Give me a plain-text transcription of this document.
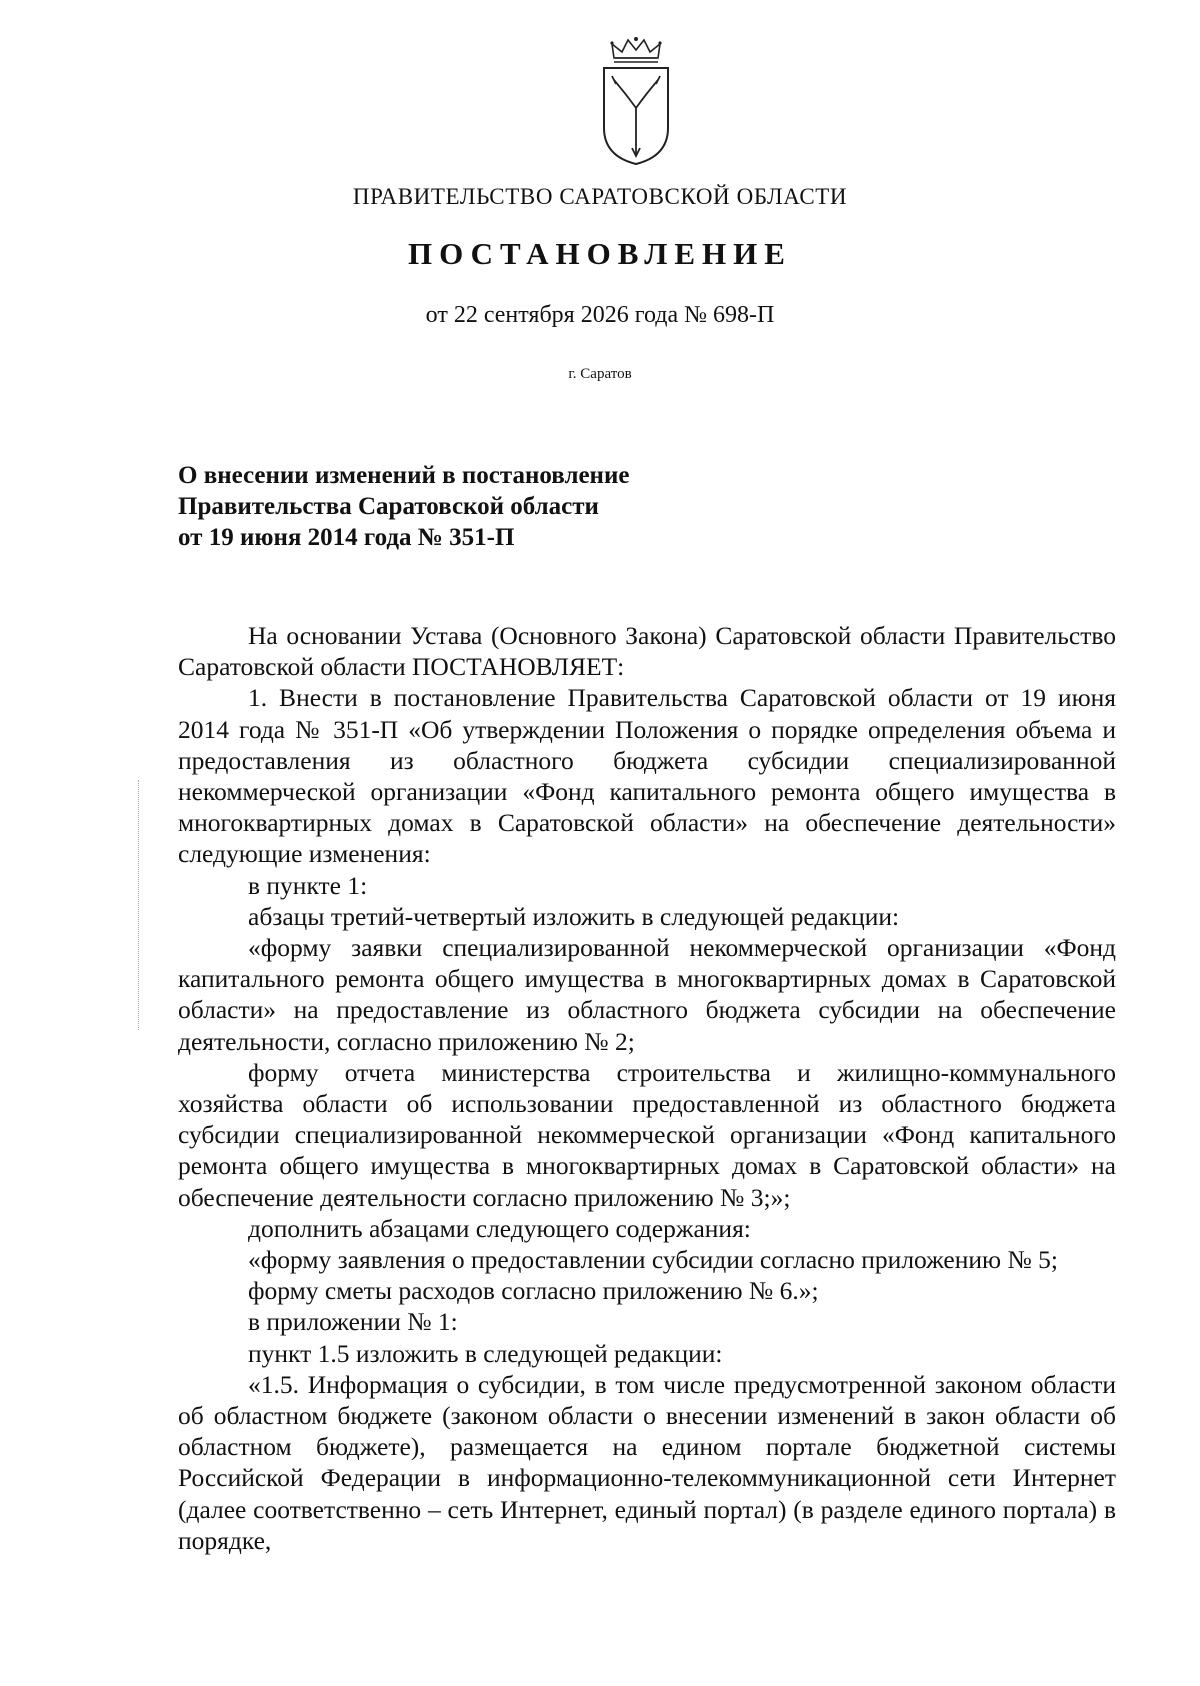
ПРАВИТЕЛЬСТВО САРАТОВСКОЙ ОБЛАСТИ
ПОСТАНОВЛЕНИЕ
от 22 сентября 2026 года № 698-П
г. Саратов
О внесении изменений в постановление
Правительства Саратовской области
от 19 июня 2014 года № 351-П

На основании Устава (Основного Закона) Саратовской области Правительство Саратовской области ПОСТАНОВЛЯЕТ:

1. Внести в постановление Правительства Саратовской области от 19 июня 2014 года № 351-П «Об утверждении Положения о порядке определения объема и предоставления из областного бюджета субсидии специализированной некоммерческой организации «Фонд капитального ремонта общего имущества в многоквартирных домах в Саратовской области» на обеспечение деятельности» следующие изменения:

в пункте 1:

абзацы третий-четвертый изложить в следующей редакции:

«форму заявки специализированной некоммерческой организации «Фонд капитального ремонта общего имущества в многоквартирных домах в Саратовской области» на предоставление из областного бюджета субсидии на обеспечение деятельности, согласно приложению № 2;

форму отчета министерства строительства и жилищно-коммунального хозяйства области об использовании предоставленной из областного бюджета субсидии специализированной некоммерческой организации «Фонд капитального ремонта общего имущества в многоквартирных домах в Саратовской области» на обеспечение деятельности согласно приложению № 3;»;

дополнить абзацами следующего содержания:

«форму заявления о предоставлении субсидии согласно приложению № 5;

форму сметы расходов согласно приложению № 6.»;

в приложении № 1:

пункт 1.5 изложить в следующей редакции:

«1.5. Информация о субсидии, в том числе предусмотренной законом области об областном бюджете (законом области о внесении изменений в закон области об областном бюджете), размещается на едином портале бюджетной системы Российской Федерации в информационно-телекоммуникационной сети Интернет (далее соответственно – сеть Интернет, единый портал) (в разделе единого портала) в порядке,
